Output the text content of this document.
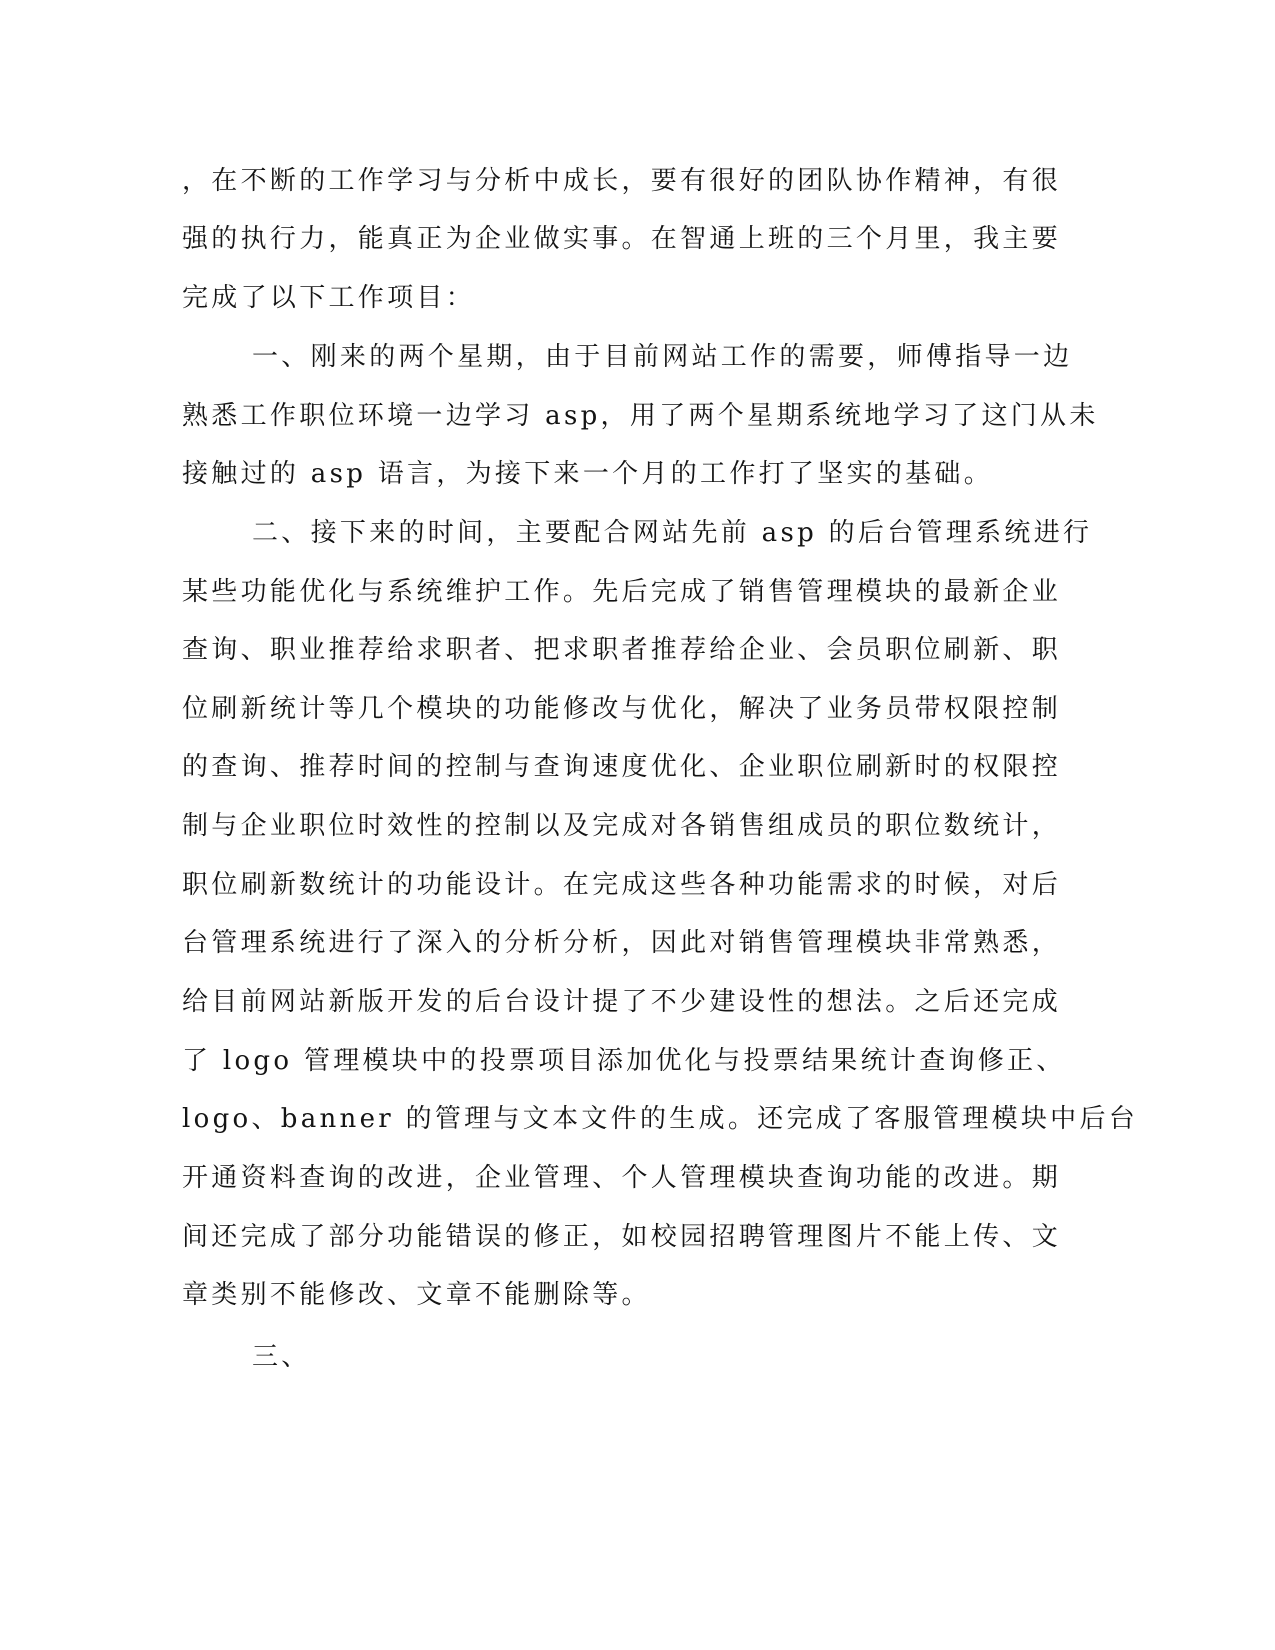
，在不断的工作学习与分析中成长，要有很好的团队协作精神，有很
强的执行力，能真正为企业做实事。在智通上班的三个月里，我主要
完成了以下工作项目：
一、刚来的两个星期，由于目前网站工作的需要，师傅指导一边
熟悉工作职位环境一边学习 asp，用了两个星期系统地学习了这门从未
接触过的 asp 语言，为接下来一个月的工作打了坚实的基础。
二、接下来的时间，主要配合网站先前 asp 的后台管理系统进行
某些功能优化与系统维护工作。先后完成了销售管理模块的最新企业
查询、职业推荐给求职者、把求职者推荐给企业、会员职位刷新、职
位刷新统计等几个模块的功能修改与优化，解决了业务员带权限控制
的查询、推荐时间的控制与查询速度优化、企业职位刷新时的权限控
制与企业职位时效性的控制以及完成对各销售组成员的职位数统计，
职位刷新数统计的功能设计。在完成这些各种功能需求的时候，对后
台管理系统进行了深入的分析分析，因此对销售管理模块非常熟悉，
给目前网站新版开发的后台设计提了不少建设性的想法。之后还完成
了 logo 管理模块中的投票项目添加优化与投票结果统计查询修正、
logo、banner 的管理与文本文件的生成。还完成了客服管理模块中后台
开通资料查询的改进，企业管理、个人管理模块查询功能的改进。期
间还完成了部分功能错误的修正，如校园招聘管理图片不能上传、文
章类别不能修改、文章不能删除等。
三、
